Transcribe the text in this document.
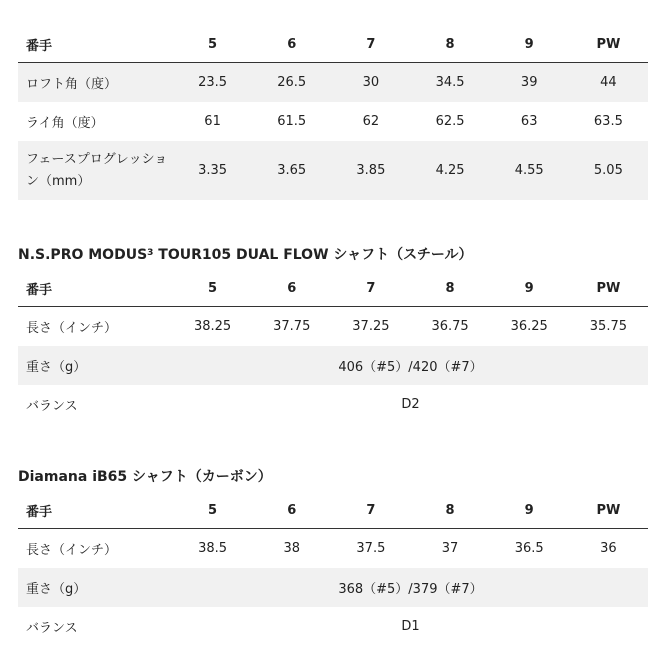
番手	5	6	7	8	9	PW
ロフト角（度）	23.5	26.5	30	34.5	39	44
ライ角（度）	61	61.5	62	62.5	63	63.5
フェースプログレッション（mm）	3.35	3.65	3.85	4.25	4.55	5.05
N.S.PRO MODUS$^3$ TOUR105 DUAL FLOW シャフト（スチール）
番手	5	6	7	8	9	PW
長さ（インチ）	38.25	37.75	37.25	36.75	36.25	35.75
重さ（g）	406（#5）/420（#7）					
バランス	D2					
Diamana iB65 シャフト（カーボン）
番手	5	6	7	8	9	PW
長さ（インチ）	38.5	38	37.5	37	36.5	36
重さ（g）	368（#5）/379（#7）					
バランス	D1					
